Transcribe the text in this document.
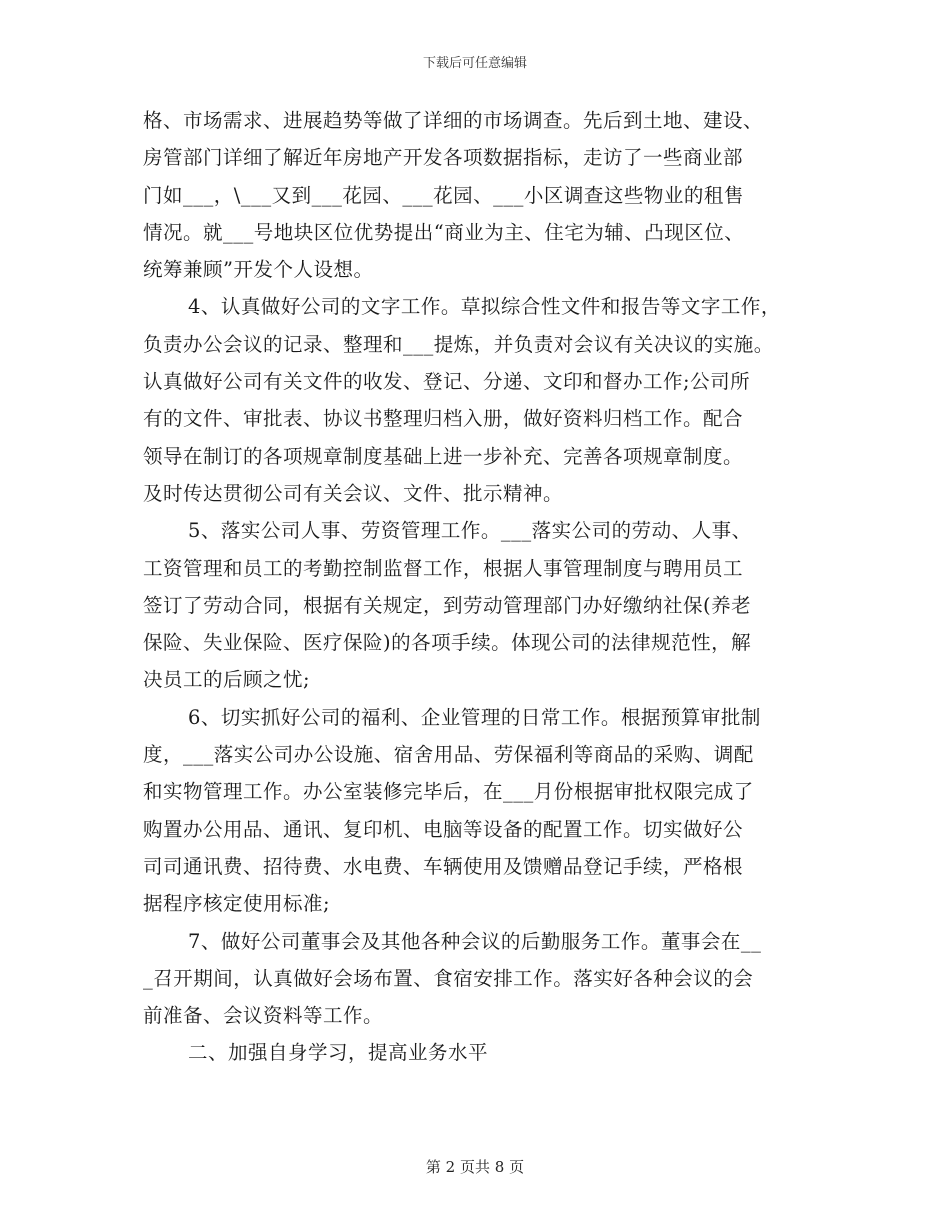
下载后可任意编辑
格、市场需求、进展趋势等做了详细的市场调查。先后到土地、建设、
房管部门详细了解近年房地产开发各项数据指标，走访了一些商业部
门如___，\___又到___花园、___花园、___小区调查这些物业的租售
情况。就___号地块区位优势提出“商业为主、住宅为辅、凸现区位、
统筹兼顾”开发个人设想。
4、认真做好公司的文字工作。草拟综合性文件和报告等文字工作，
负责办公会议的记录、整理和___提炼，并负责对会议有关决议的实施。
认真做好公司有关文件的收发、登记、分递、文印和督办工作;公司所
有的文件、审批表、协议书整理归档入册，做好资料归档工作。配合
领导在制订的各项规章制度基础上进一步补充、完善各项规章制度。
及时传达贯彻公司有关会议、文件、批示精神。
5、落实公司人事、劳资管理工作。___落实公司的劳动、人事、
工资管理和员工的考勤控制监督工作，根据人事管理制度与聘用员工
签订了劳动合同，根据有关规定，到劳动管理部门办好缴纳社保(养老
保险、失业保险、医疗保险)的各项手续。体现公司的法律规范性，解
决员工的后顾之忧;
6、切实抓好公司的福利、企业管理的日常工作。根据预算审批制
度，___落实公司办公设施、宿舍用品、劳保福利等商品的采购、调配
和实物管理工作。办公室装修完毕后，在___月份根据审批权限完成了
购置办公用品、通讯、复印机、电脑等设备的配置工作。切实做好公
司司通讯费、招待费、水电费、车辆使用及馈赠品登记手续，严格根
据程序核定使用标准;
7、做好公司董事会及其他各种会议的后勤服务工作。董事会在__
_召开期间，认真做好会场布置、食宿安排工作。落实好各种会议的会
前准备、会议资料等工作。
二、加强自身学习，提高业务水平
第 2 页共 8 页
